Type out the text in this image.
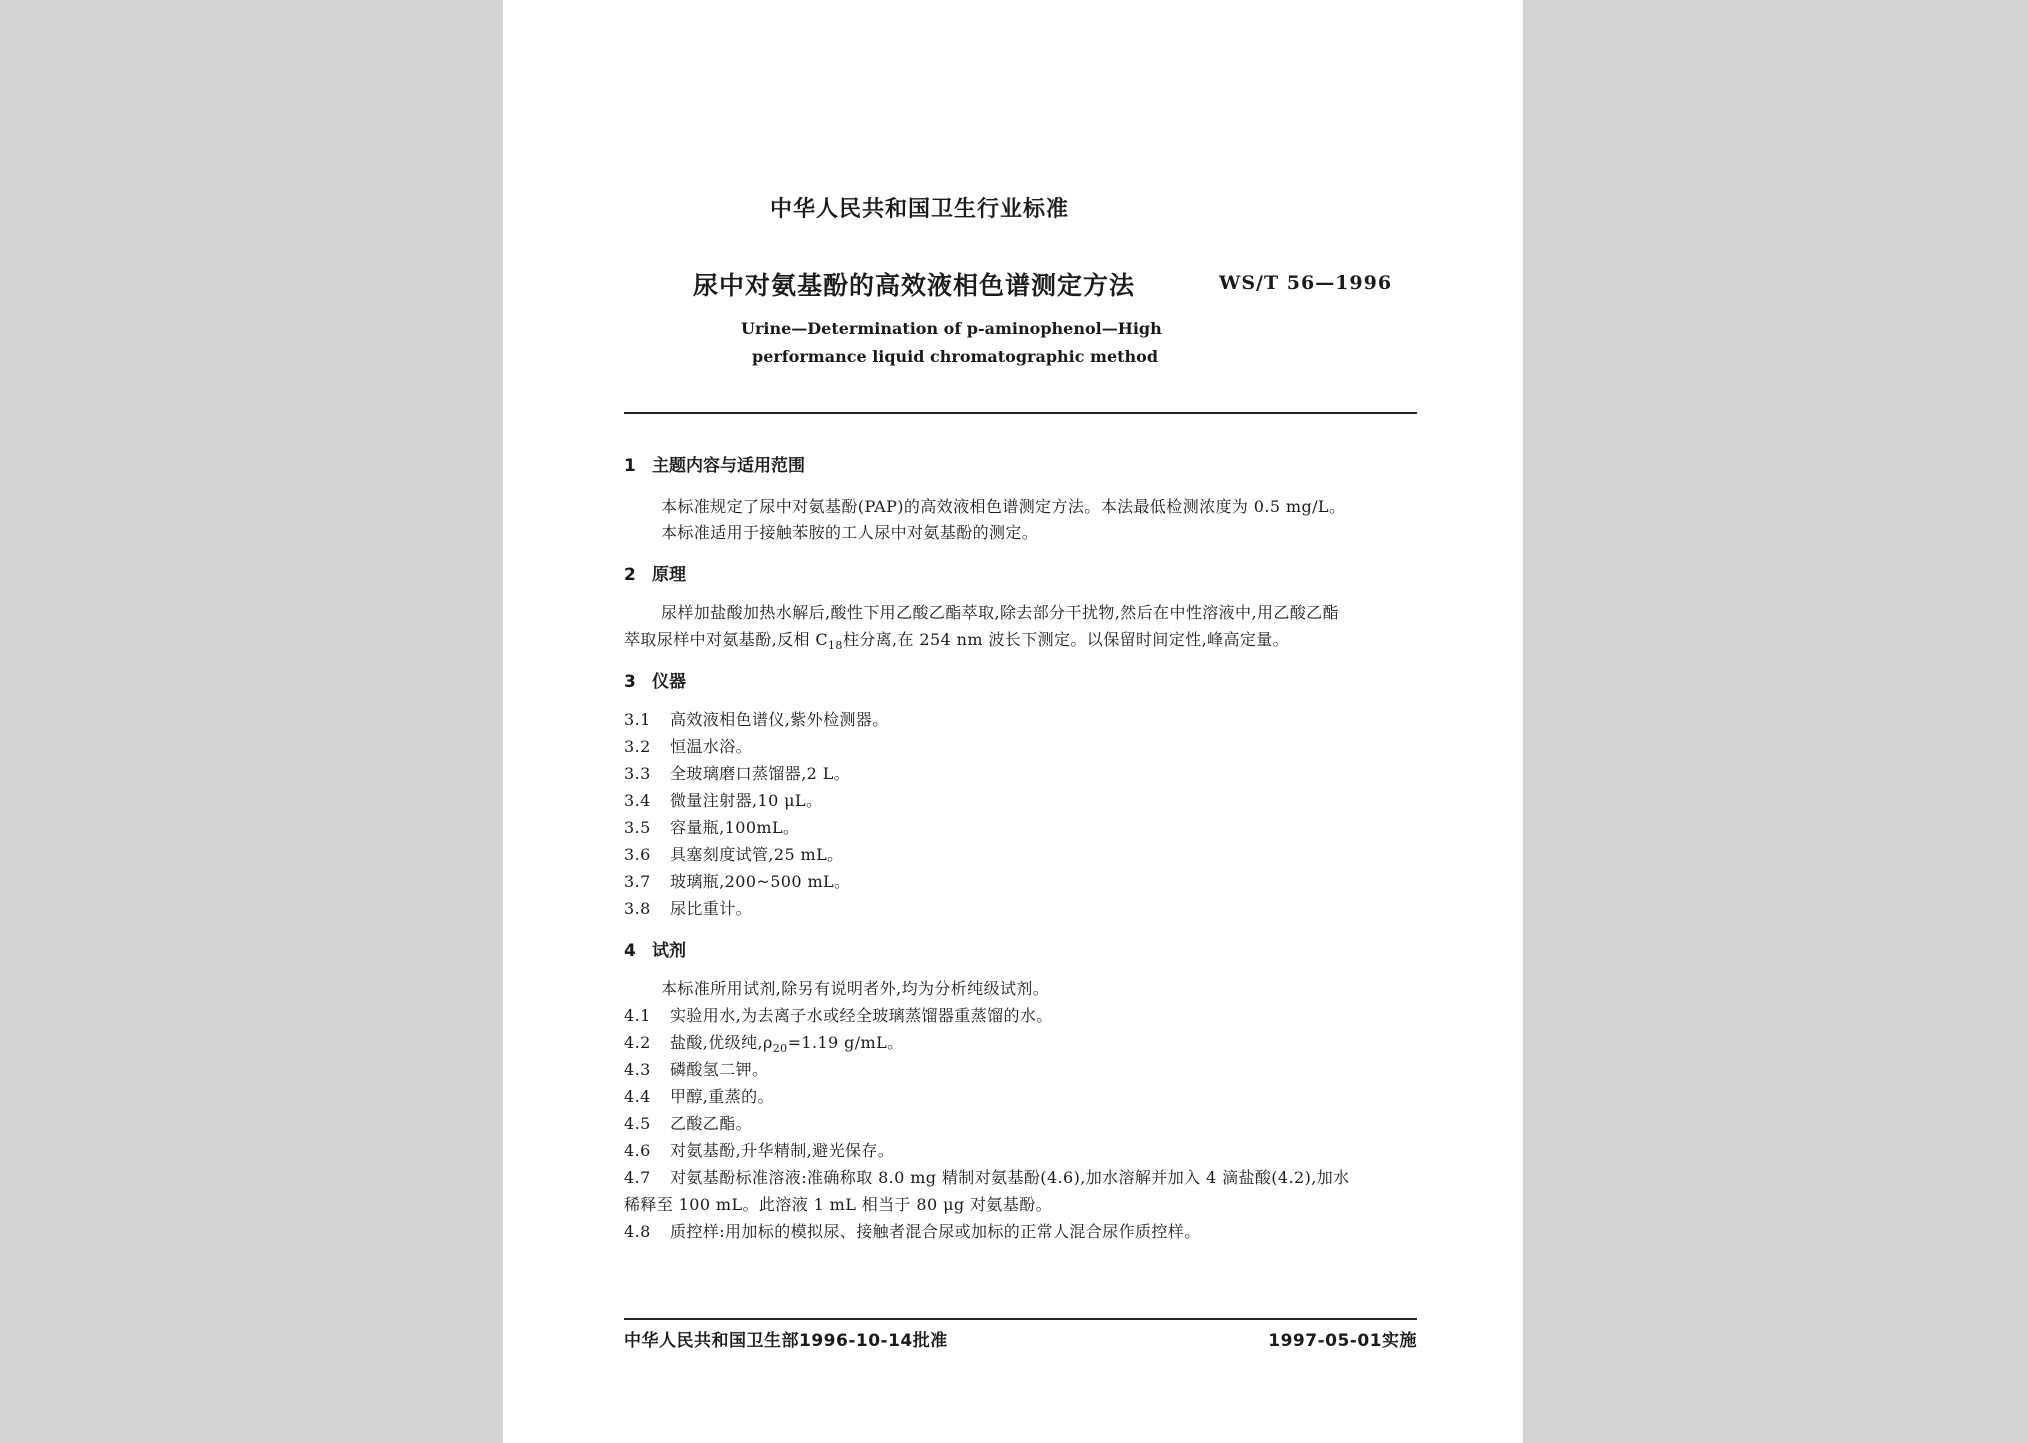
中华人民共和国卫生行业标准
尿中对氨基酚的高效液相色谱测定方法	WS/T 56—1996
Urine—Determination of p-aminophenol—High
performance liquid chromatographic method
1 主题内容与适用范围
本标准规定了尿中对氨基酚(PAP)的高效液相色谱测定方法。本法最低检测浓度为 0.5 mg/L。
本标准适用于接触苯胺的工人尿中对氨基酚的测定。
2 原理
尿样加盐酸加热水解后,酸性下用乙酸乙酯萃取,除去部分干扰物,然后在中性溶液中,用乙酸乙酯
萃取尿样中对氨基酚,反相 $C_{18}$柱分离,在 254 nm 波长下测定。以保留时间定性,峰高定量。
3 仪器
3.1 高效液相色谱仪,紫外检测器。
3.2 恒温水浴。
3.3 全玻璃磨口蒸馏器,2 L。
3.4 微量注射器,10 μL。
3.5 容量瓶,100mL。
3.6 具塞刻度试管,25 mL。
3.7 玻璃瓶,200~500 mL。
3.8 尿比重计。
4 试剂
本标准所用试剂,除另有说明者外,均为分析纯级试剂。
4.1 实验用水,为去离子水或经全玻璃蒸馏器重蒸馏的水。
4.2 盐酸,优级纯$,\rho_{20}=1.19$ g/mL。
4.3 磷酸氢二钾。
4.4 甲醇,重蒸的。
4.5 乙酸乙酯。
4.6 对氨基酚,升华精制,避光保存。
4.7 对氨基酚标准溶液:准确称取 8.0 mg 精制对氨基酚(4.6),加水溶解并加入 4 滴盐酸(4.2),加水
稀释至 100 mL。此溶液 1 mL 相当于 80 μg 对氨基酚。
4.8 质控样:用加标的模拟尿、接触者混合尿或加标的正常人混合尿作质控样。
中华人民共和国卫生部1996-10-14批准	1997-05-01实施
